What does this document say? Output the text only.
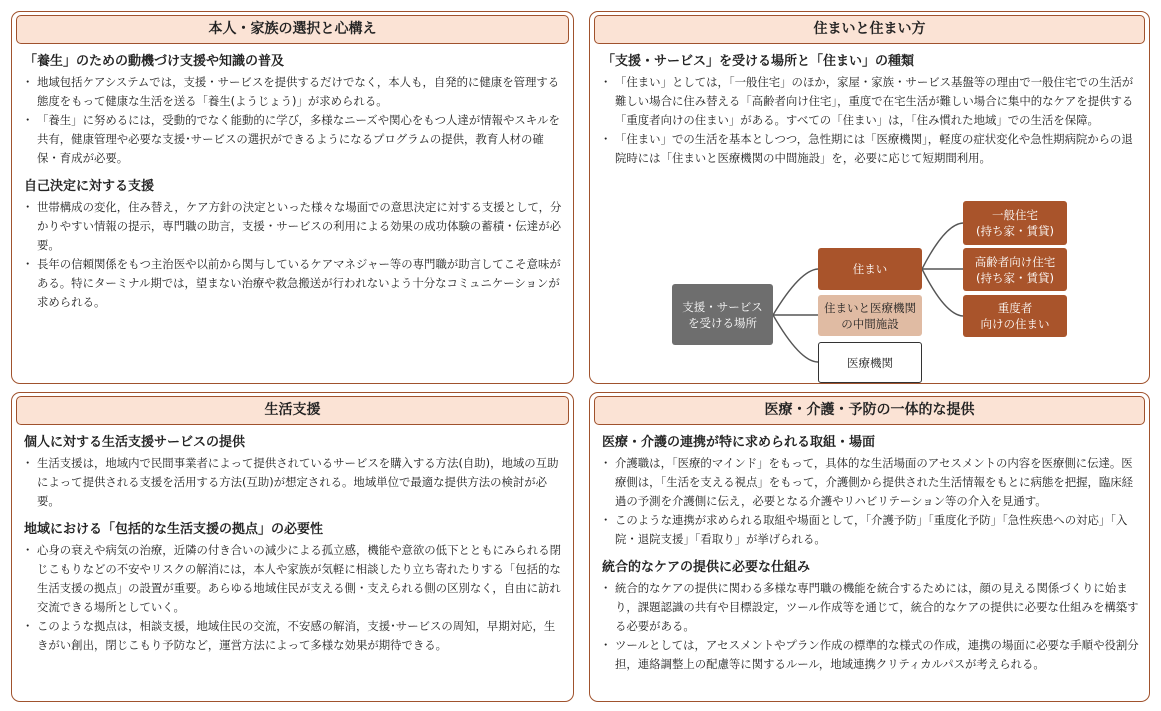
本人・家族の選択と心構え
「養生」のための動機づけ支援や知識の普及

・ 地域包括ケアシステムでは，支援・サービスを提供するだけでなく，本人も，自発的に健康を管理する態度をもって健康な生活を送る「養生(ようじょう)」が求められる。

・ 「養生」に努めるには，受動的でなく能動的に学び，多様なニーズや関心をもつ人達が情報やスキルを共有，健康管理や必要な支援･サービスの選択ができるようになるプログラムの提供，教育人材の確保・育成が必要。

自己決定に対する支援

・ 世帯構成の変化，住み替え，ケア方針の決定といった様々な場面での意思決定に対する支援として，分かりやすい情報の提示，専門職の助言，支援・サービスの利用による効果の成功体験の蓄積・伝達が必要。

・ 長年の信頼関係をもつ主治医や以前から関与しているケアマネジャー等の専門職が助言してこそ意味がある。特にターミナル期では，望まない治療や救急搬送が行われないよう十分なコミュニケーションが求められる。

住まいと住まい方
「支援・サービス」を受ける場所と「住まい」の種類

・ 「住まい」としては，「一般住宅」のほか，家屋・家族・サービス基盤等の理由で一般住宅での生活が難しい場合に住み替える「高齢者向け住宅」，重度で在宅生活が難しい場合に集中的なケアを提供する「重度者向けの住まい」がある。すべての「住まい」は，「住み慣れた地域」での生活を保障。

・ 「住まい」での生活を基本としつつ，急性期には「医療機関」，軽度の症状変化や急性期病院からの退院時には「住まいと医療機関の中間施設」を，必要に応じて短期間利用。

支援・サービス
を受ける場所
住まい
住まいと医療機関
の中間施設
医療機関
一般住宅
(持ち家・賃貸)
高齢者向け住宅
(持ち家・賃貸)
重度者
向けの住まい
生活支援
個人に対する生活支援サービスの提供

・ 生活支援は，地域内で民間事業者によって提供されているサービスを購入する方法(自助)，地域の互助によって提供される支援を活用する方法(互助)が想定される。地域単位で最適な提供方法の検討が必要。

地域における「包括的な生活支援の拠点」の必要性

・ 心身の衰えや病気の治療，近隣の付き合いの減少による孤立感，機能や意欲の低下とともにみられる閉じこもりなどの不安やリスクの解消には，本人や家族が気軽に相談したり立ち寄れたりする「包括的な生活支援の拠点」の設置が重要。あらゆる地域住民が支える側・支えられる側の区別なく，自由に訪れ交流できる場所としていく。

・ このような拠点は，相談支援，地域住民の交流，不安感の解消，支援･サービスの周知，早期対応，生きがい創出，閉じこもり予防など，運営方法によって多様な効果が期待できる。

医療・介護・予防の一体的な提供
医療・介護の連携が特に求められる取組・場面

・ 介護職は，「医療的マインド」をもって，具体的な生活場面のアセスメントの内容を医療側に伝達。医療側は，「生活を支える視点」をもって，介護側から提供された生活情報をもとに病態を把握，臨床経過の予測を介護側に伝え，必要となる介護やリハビリテーション等の介入を見通す。

・ このような連携が求められる取組や場面として，｢介護予防｣「重度化予防」「急性疾患への対応」「入院・退院支援」「看取り」が挙げられる。

統合的なケアの提供に必要な仕組み

・ 統合的なケアの提供に関わる多様な専門職の機能を統合するためには，顔の見える関係づくりに始まり，課題認識の共有や目標設定，ツール作成等を通じて，統合的なケアの提供に必要な仕組みを構築する必要がある。

・ ツールとしては，アセスメントやプラン作成の標準的な様式の作成，連携の場面に必要な手順や役割分担，連絡調整上の配慮等に関するルール，地域連携クリティカルパスが考えられる。
